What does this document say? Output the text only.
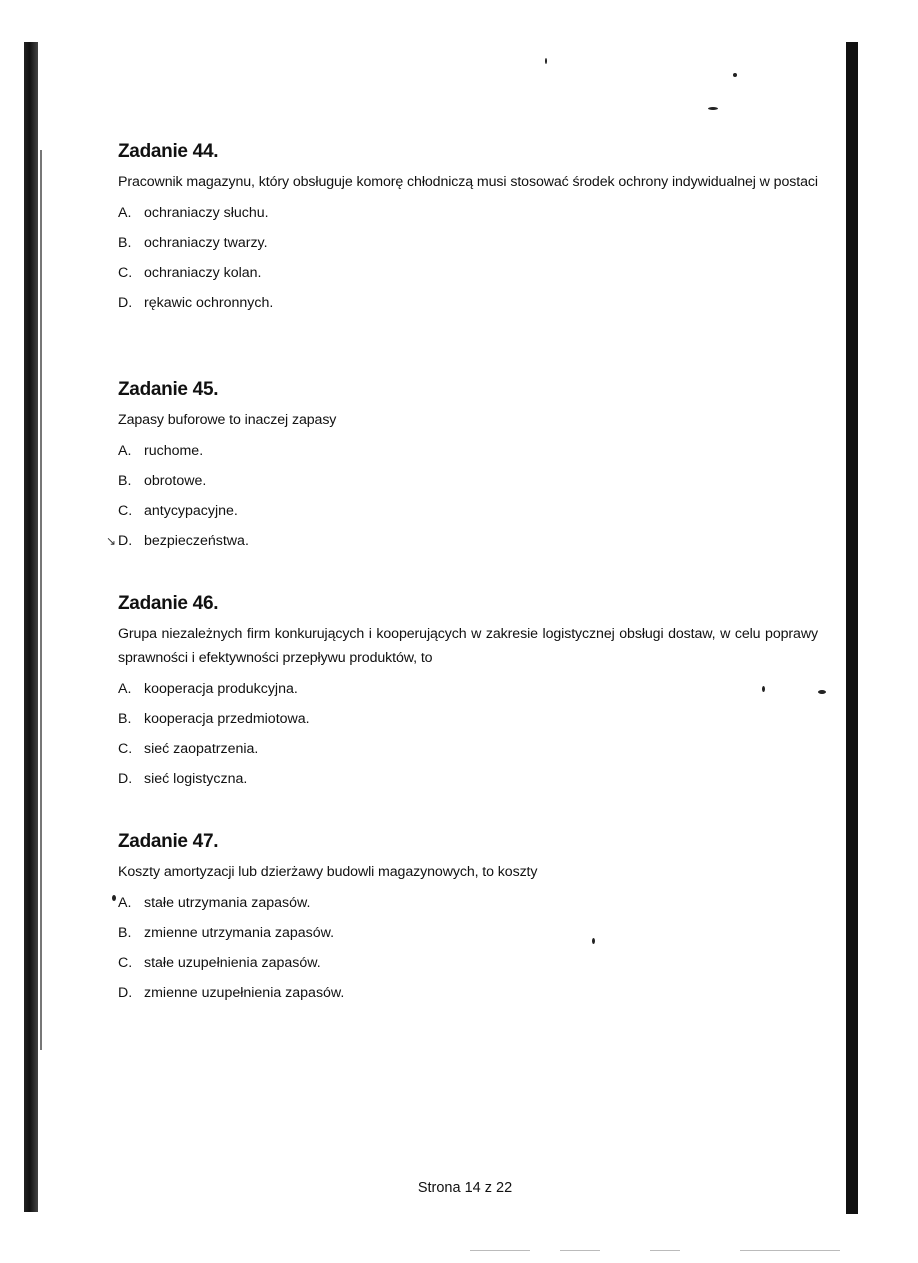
Zadanie 44.

Pracownik magazynu, który obsługuje komorę chłodniczą musi stosować środek ochrony indywidualnej w postaci

A. ochraniaczy słuchu.
B. ochraniaczy twarzy.
C. ochraniaczy kolan.
D. rękawic ochronnych.
Zadanie 45.

Zapasy buforowe to inaczej zapasy

A. ruchome.
B. obrotowe.
C. antycypacyjne.
↘ D. bezpieczeństwa.
Zadanie 46.

Grupa niezależnych firm konkurujących i kooperujących w zakresie logistycznej obsługi dostaw, w celu poprawy sprawności i efektywności przepływu produktów, to

A. kooperacja produkcyjna.
B. kooperacja przedmiotowa.
C. sieć zaopatrzenia.
D. sieć logistyczna.
Zadanie 47.

Koszty amortyzacji lub dzierżawy budowli magazynowych, to koszty

A. stałe utrzymania zapasów.
B. zmienne utrzymania zapasów.
C. stałe uzupełnienia zapasów.
D. zmienne uzupełnienia zapasów.
Strona 14 z 22
